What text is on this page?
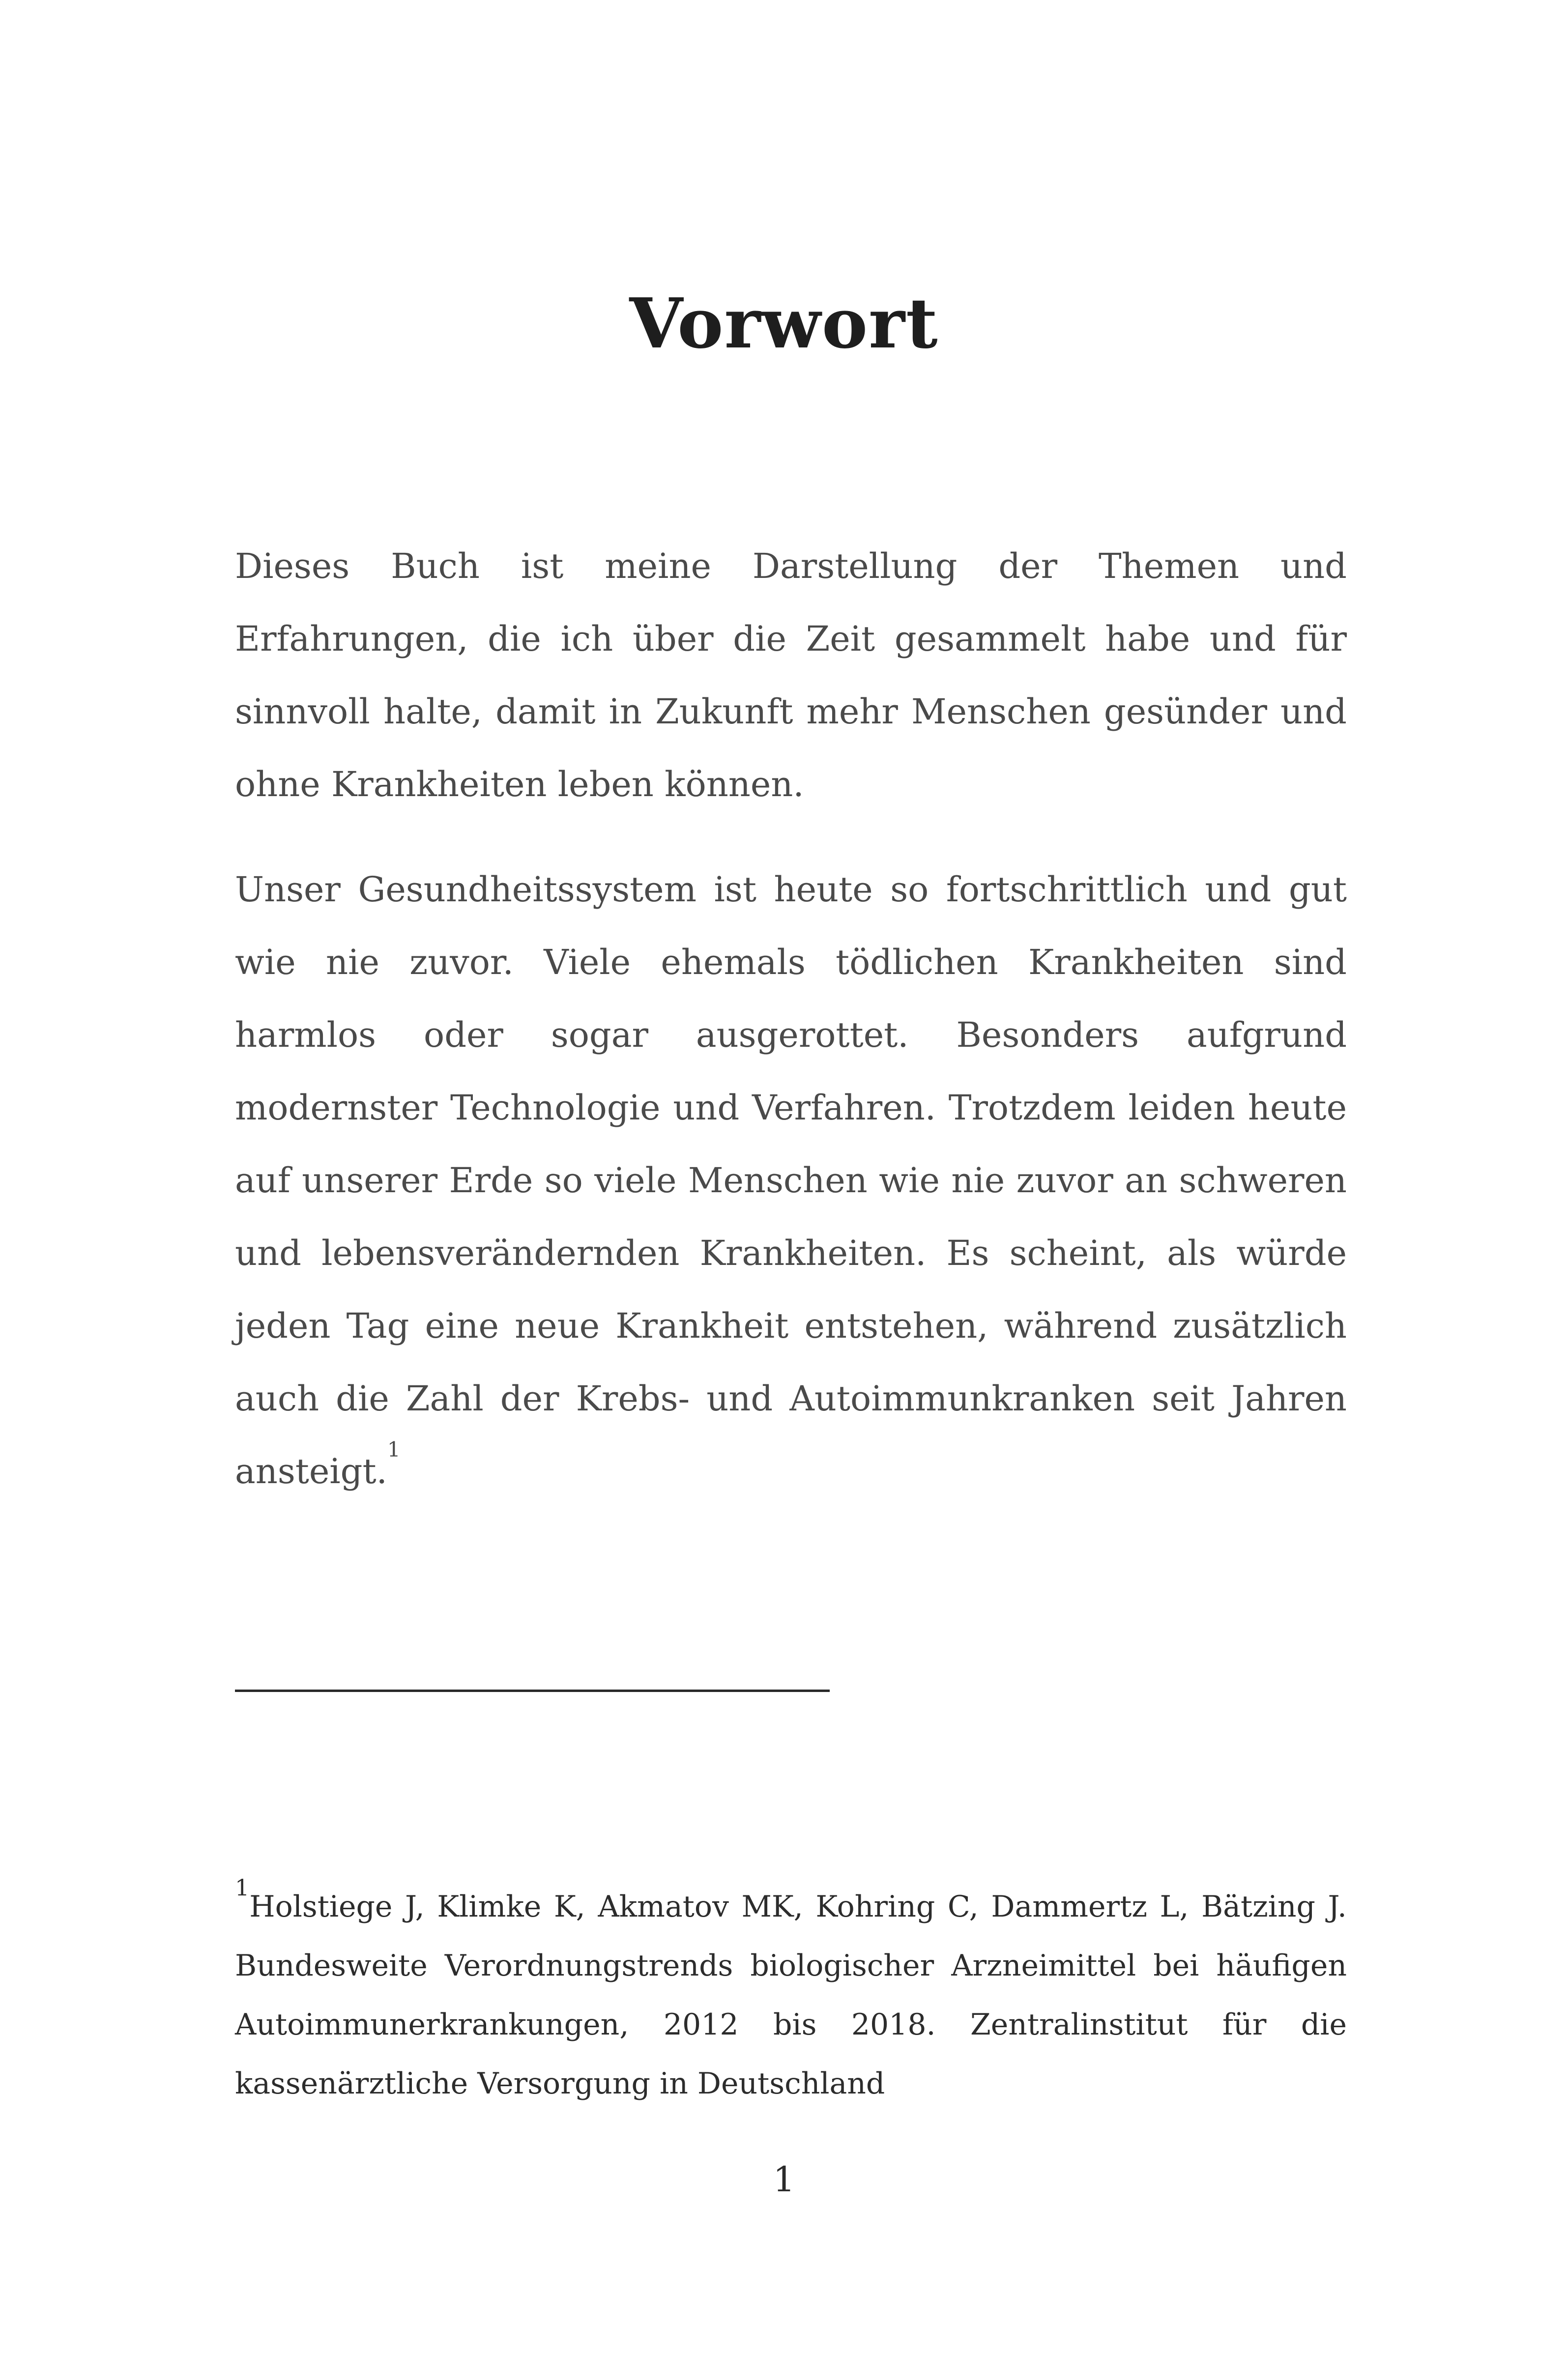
Vorwort

Dieses Buch ist meine Darstellung der Themen und Erfahrungen, die ich über die Zeit gesammelt habe und für sinnvoll halte, damit in Zukunft mehr Menschen gesünder und ohne Krankheiten leben können.

Unser Gesundheitssystem ist heute so fortschrittlich und gut wie nie zuvor. Viele ehemals tödlichen Krankheiten sind harmlos oder sogar ausgerottet. Besonders aufgrund modernster Technologie und Verfahren. Trotzdem leiden heute auf unserer Erde so viele Menschen wie nie zuvor an schweren und lebensverändernden Krankheiten. Es scheint, als würde jeden Tag eine neue Krankheit entstehen, während zusätzlich auch die Zahl der Krebs- und Autoimmunkranken seit Jahren ansteigt.$^1$

$^1$Holstiege J, Klimke K, Akmatov MK, Kohring C, Dammertz L, Bätzing J. Bundesweite Verordnungstrends biologischer Arzneimittel bei häufigen Autoimmunerkrankungen, 2012 bis 2018. Zentralinstitut für die kassenärztliche Versorgung in Deutschland

1
